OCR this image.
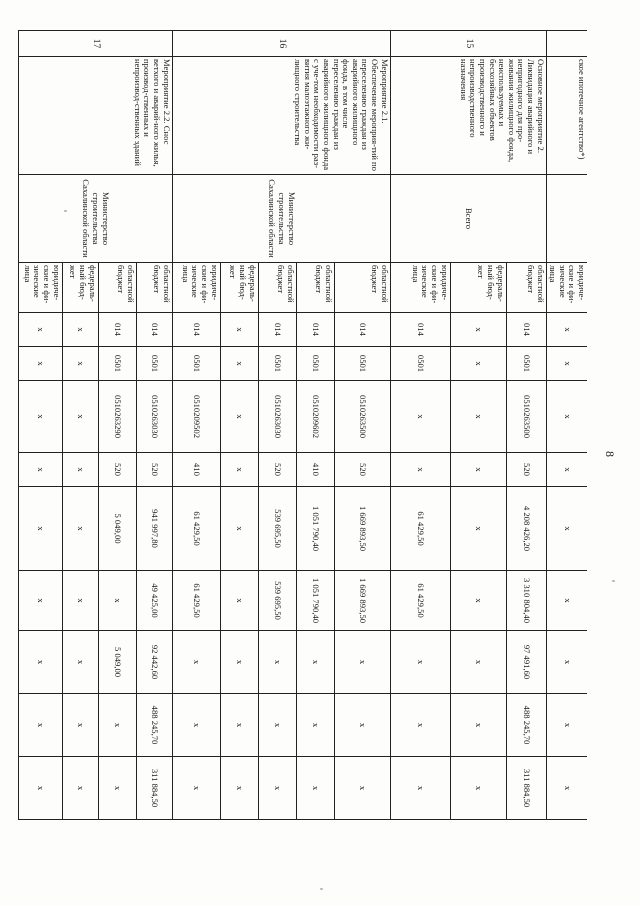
8
	ское ипотечное агентство*)		юридиче-ские и фи-зические лица	x	x	x	x	x	x	x	x	x
15	Основное мероприятие 2. Ликвидация аварийного и непригодного для про-живания жилищного фонда, неиспользуемых и бесхозяйных объектов производственного и непроизводственного назначения	Всего	областной бюджет	014	0501	0510263500	520	4 208 426,20	3 310 804,40	97 491,60	488 245,70	311 884,50
			федераль-ный бюд-жет	x	x	x	x	x	x	x	x	x
			юридиче-ские и фи-зические лица	014	0501	x	x	61 429,50	61 429,50	x	x	x
16	Мероприятие 2.1. Обеспечение мероприя-тий по переселению граждан из аварийного жилищного фонда, в том числе переселению граждан из аварийного жилищного фонда с уче-том необходимости раз-вития малоэтажного жи-лищного строительства	Министерство строительства Сахалинской области	областной бюджет	014	0501	0510263500	520	1 669 893,50	1 669 893,50	x	x	x
			областной бюджет	014	0501	0510209602	410	1 051 790,40	1 051 790,40	x	x	x
			областной бюджет	014	0501	0510263030	520	539 695,50	539 695,50	x	x	x
			федераль-ный бюд-жет	x	x	x	x	x	x	x	x	x
			юридиче-ские и фи-зические лица	014	0501	0510209502	410	61 429,50	61 429,50	x	x	x
17	Мероприятие 2.2. Снос ветхого и аварий-ного жилья, производ-ственных и непроизвод-ственных зданий	Министерство строительства Сахалинской области	областной бюджет	014	0501	0510263030	520	941 997,80	49 425,00	92 442,60	488 245,70	311 884,50
			областной бюджет	014	0501	0510263290	520	5 049,00	x	5 049,00	x	x
			федераль-ный бюд-жет	x	x	x	x	x	x	x	x	x
			юридиче-ские и фи-зические лица	x	x	x	x	x	x	x	x	x
